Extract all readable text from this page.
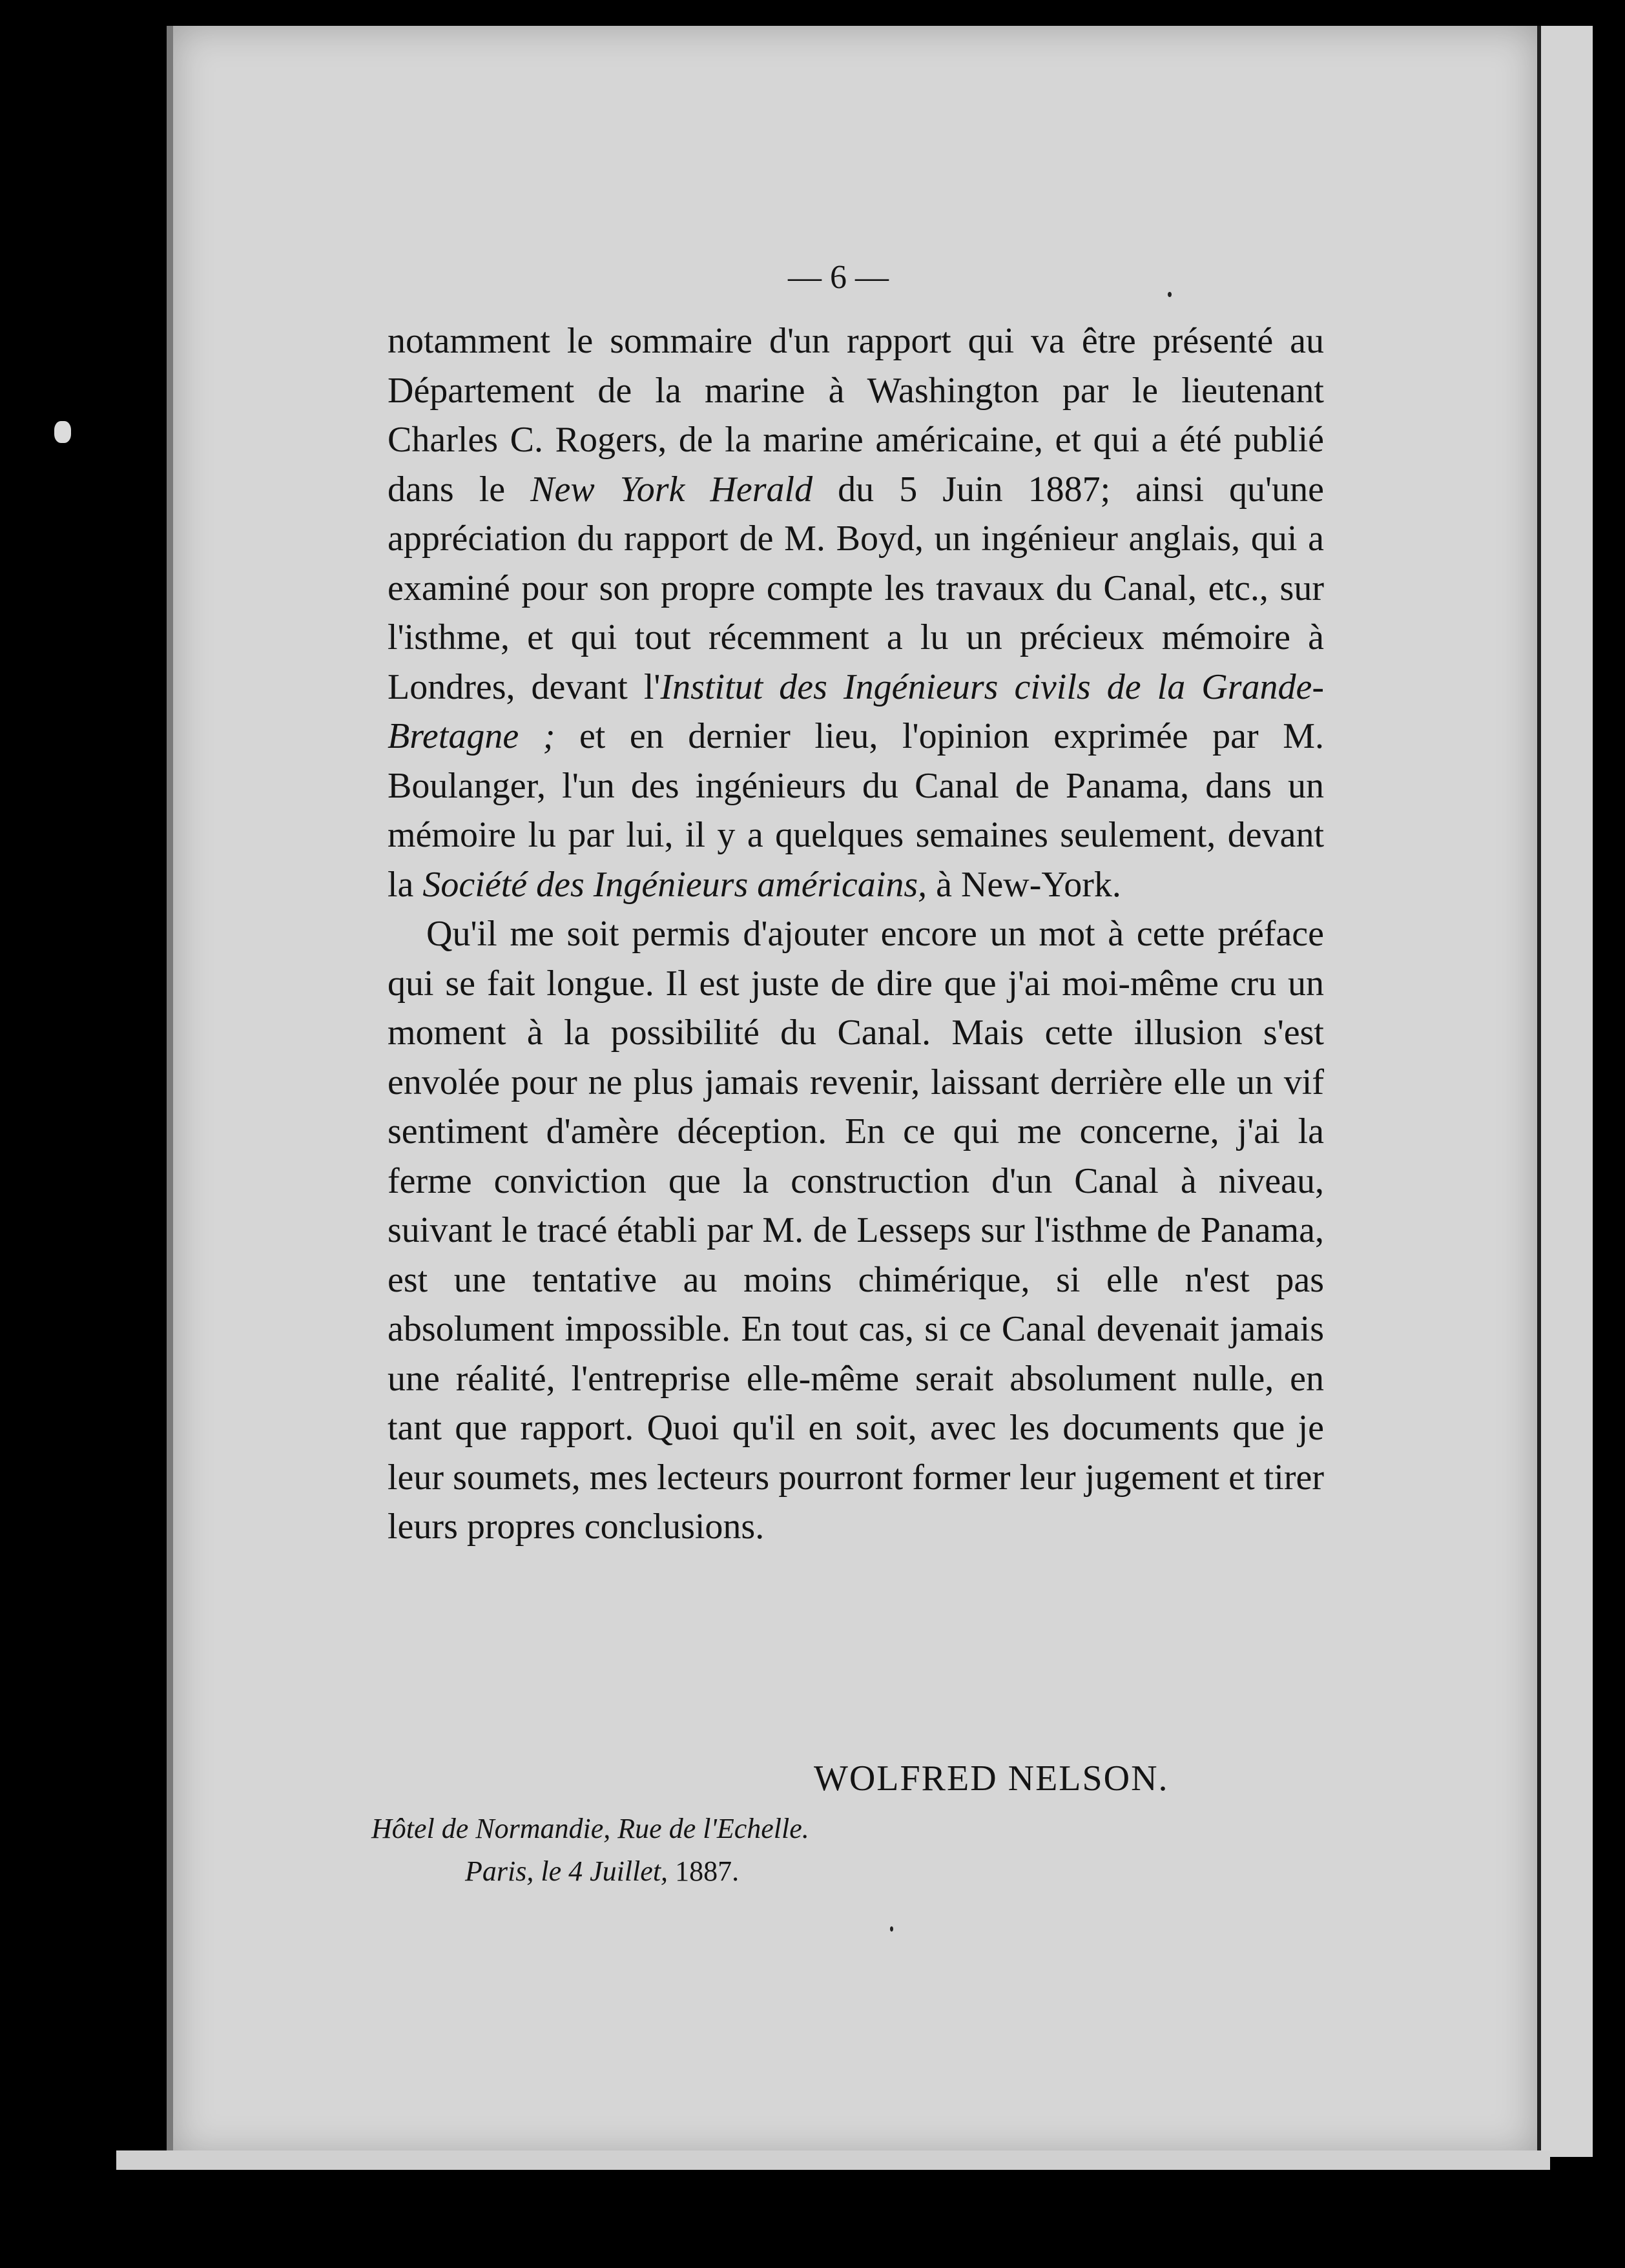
— 6 —

notamment le sommaire d'un rapport qui va être présenté au Département de la marine à Washington par le lieutenant Charles C. Rogers, de la marine américaine, et qui a été publié dans le New York Herald du 5 Juin 1887; ainsi qu'une appréciation du rapport de M. Boyd, un ingénieur anglais, qui a examiné pour son propre compte les travaux du Canal, etc., sur l'isthme, et qui tout récemment a lu un précieux mémoire à Londres, devant l'Institut des Ingénieurs civils de la Grande-Bretagne ; et en dernier lieu, l'opinion exprimée par M. Boulanger, l'un des ingénieurs du Canal de Panama, dans un mémoire lu par lui, il y a quelques semaines seulement, devant la Société des Ingénieurs américains, à New-York.

Qu'il me soit permis d'ajouter encore un mot à cette préface qui se fait longue. Il est juste de dire que j'ai moi-même cru un moment à la possibilité du Canal. Mais cette illusion s'est envolée pour ne plus jamais revenir, laissant derrière elle un vif sentiment d'amère déception. En ce qui me concerne, j'ai la ferme conviction que la construction d'un Canal à niveau, suivant le tracé établi par M. de Lesseps sur l'isthme de Panama, est une tentative au moins chimérique, si elle n'est pas absolument impossible. En tout cas, si ce Canal devenait jamais une réalité, l'entreprise elle-même serait absolument nulle, en tant que rapport. Quoi qu'il en soit, avec les documents que je leur soumets, mes lecteurs pourront former leur jugement et tirer leurs propres conclusions.

WOLFRED NELSON.
Hôtel de Normandie, Rue de l'Echelle.
Paris, le 4 Juillet, 1887.
